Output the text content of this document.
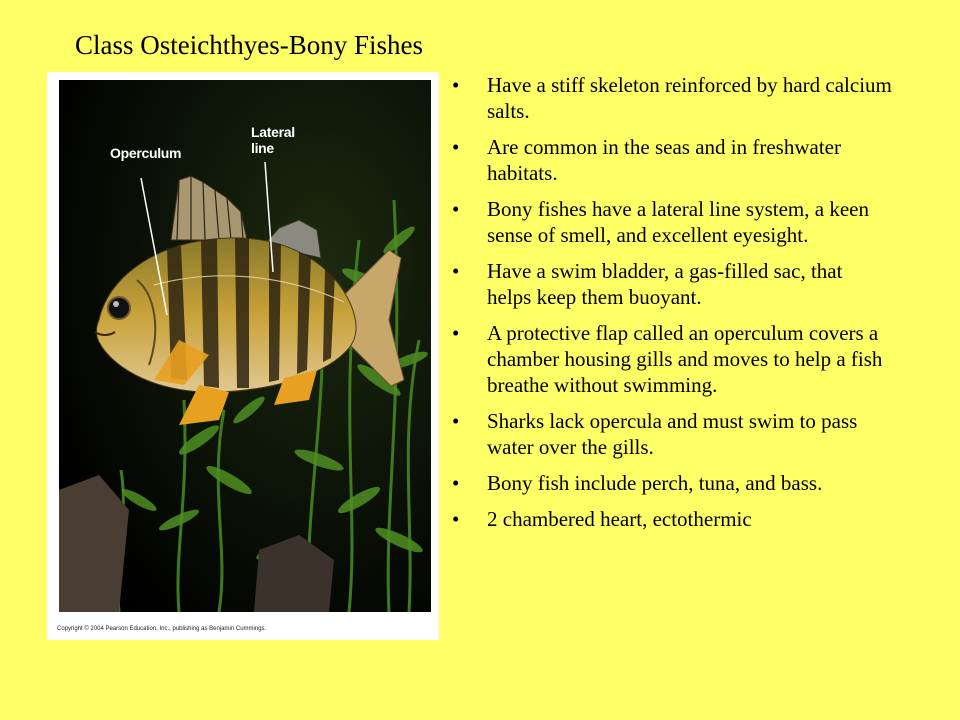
Class Osteichthyes-Bony Fishes
Operculum
Lateral line
Copyright © 2004 Pearson Education, Inc., publishing as Benjamin Cummings.
•	Have a stiff skeleton reinforced by hard calcium salts.
•	Are common in the seas and in freshwater habitats.
•	Bony fishes have a lateral line system, a keen sense of smell, and excellent eyesight.
•	Have a swim bladder, a gas-filled sac, that helps keep them buoyant.
•	A protective flap called an operculum covers a chamber housing gills and moves to help a fish breathe without swimming.
•	Sharks lack opercula and must swim to pass water over the gills.
•	Bony fish include perch, tuna, and bass.
•	2 chambered heart, ectothermic
